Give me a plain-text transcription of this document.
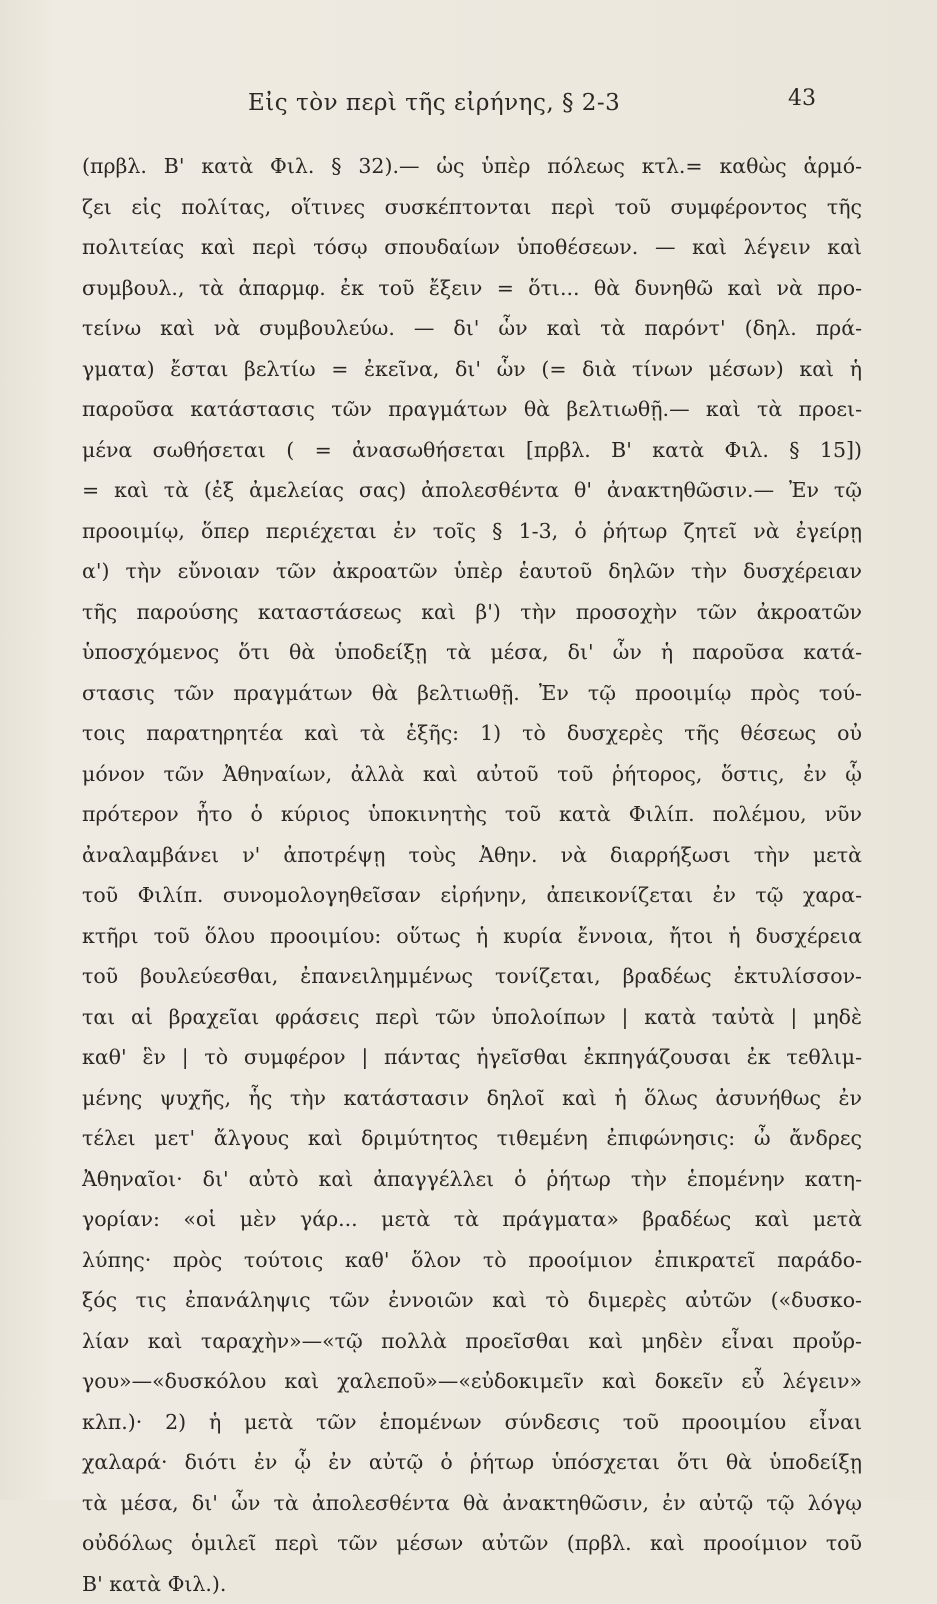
Εἰς τὸν περὶ τῆς εἰρήνης, § 2-3	43
(πρβλ. Β' κατὰ Φιλ. § 32).— ὡς ὑπὲρ πόλεως κτλ.= καθὼς ἁρμό-
ζει εἰς πολίτας, οἵτινες συσκέπτονται περὶ τοῦ συμφέροντος τῆς
πολιτείας καὶ περὶ τόσῳ σπουδαίων ὑποθέσεων. — καὶ λέγειν καὶ
συμβουλ., τὰ ἀπαρμφ. ἐκ τοῦ ἔξειν = ὅτι... θὰ δυνηθῶ καὶ νὰ προ-
τείνω καὶ νὰ συμβουλεύω. — δι' ὧν καὶ τὰ παρόντ' (δηλ. πρά-
γματα) ἔσται βελτίω = ἐκεῖνα, δι' ὧν (= διὰ τίνων μέσων) καὶ ἡ
παροῦσα κατάστασις τῶν πραγμάτων θὰ βελτιωθῇ.— καὶ τὰ προει-
μένα σωθήσεται ( = ἀνασωθήσεται [πρβλ. Β' κατὰ Φιλ. § 15])
= καὶ τὰ (ἐξ ἀμελείας σας) ἀπολεσθέντα θ' ἀνακτηθῶσιν.— Ἐν τῷ
προοιμίῳ, ὅπερ περιέχεται ἐν τοῖς § 1-3, ὁ ῥήτωρ ζητεῖ νὰ ἐγείρῃ
α') τὴν εὔνοιαν τῶν ἀκροατῶν ὑπὲρ ἑαυτοῦ δηλῶν τὴν δυσχέρειαν
τῆς παρούσης καταστάσεως καὶ β') τὴν προσοχὴν τῶν ἀκροατῶν
ὑποσχόμενος ὅτι θὰ ὑποδείξῃ τὰ μέσα, δι' ὧν ἡ παροῦσα κατά-
στασις τῶν πραγμάτων θὰ βελτιωθῇ. Ἐν τῷ προοιμίῳ πρὸς τού-
τοις παρατηρητέα καὶ τὰ ἑξῆς: 1) τὸ δυσχερὲς τῆς θέσεως οὐ
μόνον τῶν Ἀθηναίων, ἀλλὰ καὶ αὐτοῦ τοῦ ῥήτορος, ὅστις, ἐν ᾧ
πρότερον ἦτο ὁ κύριος ὑποκινητὴς τοῦ κατὰ Φιλίπ. πολέμου, νῦν
ἀναλαμβάνει ν' ἀποτρέψῃ τοὺς Ἀθην. νὰ διαρρήξωσι τὴν μετὰ
τοῦ Φιλίπ. συνομολογηθεῖσαν εἰρήνην, ἀπεικονίζεται ἐν τῷ χαρα-
κτῆρι τοῦ ὅλου προοιμίου: οὕτως ἡ κυρία ἔννοια, ἤτοι ἡ δυσχέρεια
τοῦ βουλεύεσθαι, ἐπανειλημμένως τονίζεται, βραδέως ἐκτυλίσσον-
ται αἱ βραχεῖαι φράσεις περὶ τῶν ὑπολοίπων | κατὰ ταὐτὰ | μηδὲ
καθ' ἓν | τὸ συμφέρον | πάντας ἡγεῖσθαι ἐκπηγάζουσαι ἐκ τεθλιμ-
μένης ψυχῆς, ἧς τὴν κατάστασιν δηλοῖ καὶ ἡ ὅλως ἀσυνήθως ἐν
τέλει μετ' ἄλγους καὶ δριμύτητος τιθεμένη ἐπιφώνησις: ὦ ἄνδρες
Ἀθηναῖοι· δι' αὐτὸ καὶ ἀπαγγέλλει ὁ ῥήτωρ τὴν ἑπομένην κατη-
γορίαν: «οἱ μὲν γάρ... μετὰ τὰ πράγματα» βραδέως καὶ μετὰ
λύπης· πρὸς τούτοις καθ' ὅλον τὸ προοίμιον ἐπικρατεῖ παράδο-
ξός τις ἐπανάληψις τῶν ἐννοιῶν καὶ τὸ διμερὲς αὐτῶν («δυσκο-
λίαν καὶ ταραχὴν»—«τῷ πολλὰ προεῖσθαι καὶ μηδὲν εἶναι προὔρ-
γου»—«δυσκόλου καὶ χαλεποῦ»—«εὐδοκιμεῖν καὶ δοκεῖν εὖ λέγειν»
κλπ.)· 2) ἡ μετὰ τῶν ἑπομένων σύνδεσις τοῦ προοιμίου εἶναι
χαλαρά· διότι ἐν ᾧ ἐν αὐτῷ ὁ ῥήτωρ ὑπόσχεται ὅτι θὰ ὑποδείξῃ
τὰ μέσα, δι' ὧν τὰ ἀπολεσθέντα θὰ ἀνακτηθῶσιν, ἐν αὐτῷ τῷ λόγῳ
οὐδόλως ὁμιλεῖ περὶ τῶν μέσων αὐτῶν (πρβλ. καὶ προοίμιον τοῦ
Β' κατὰ Φιλ.).
